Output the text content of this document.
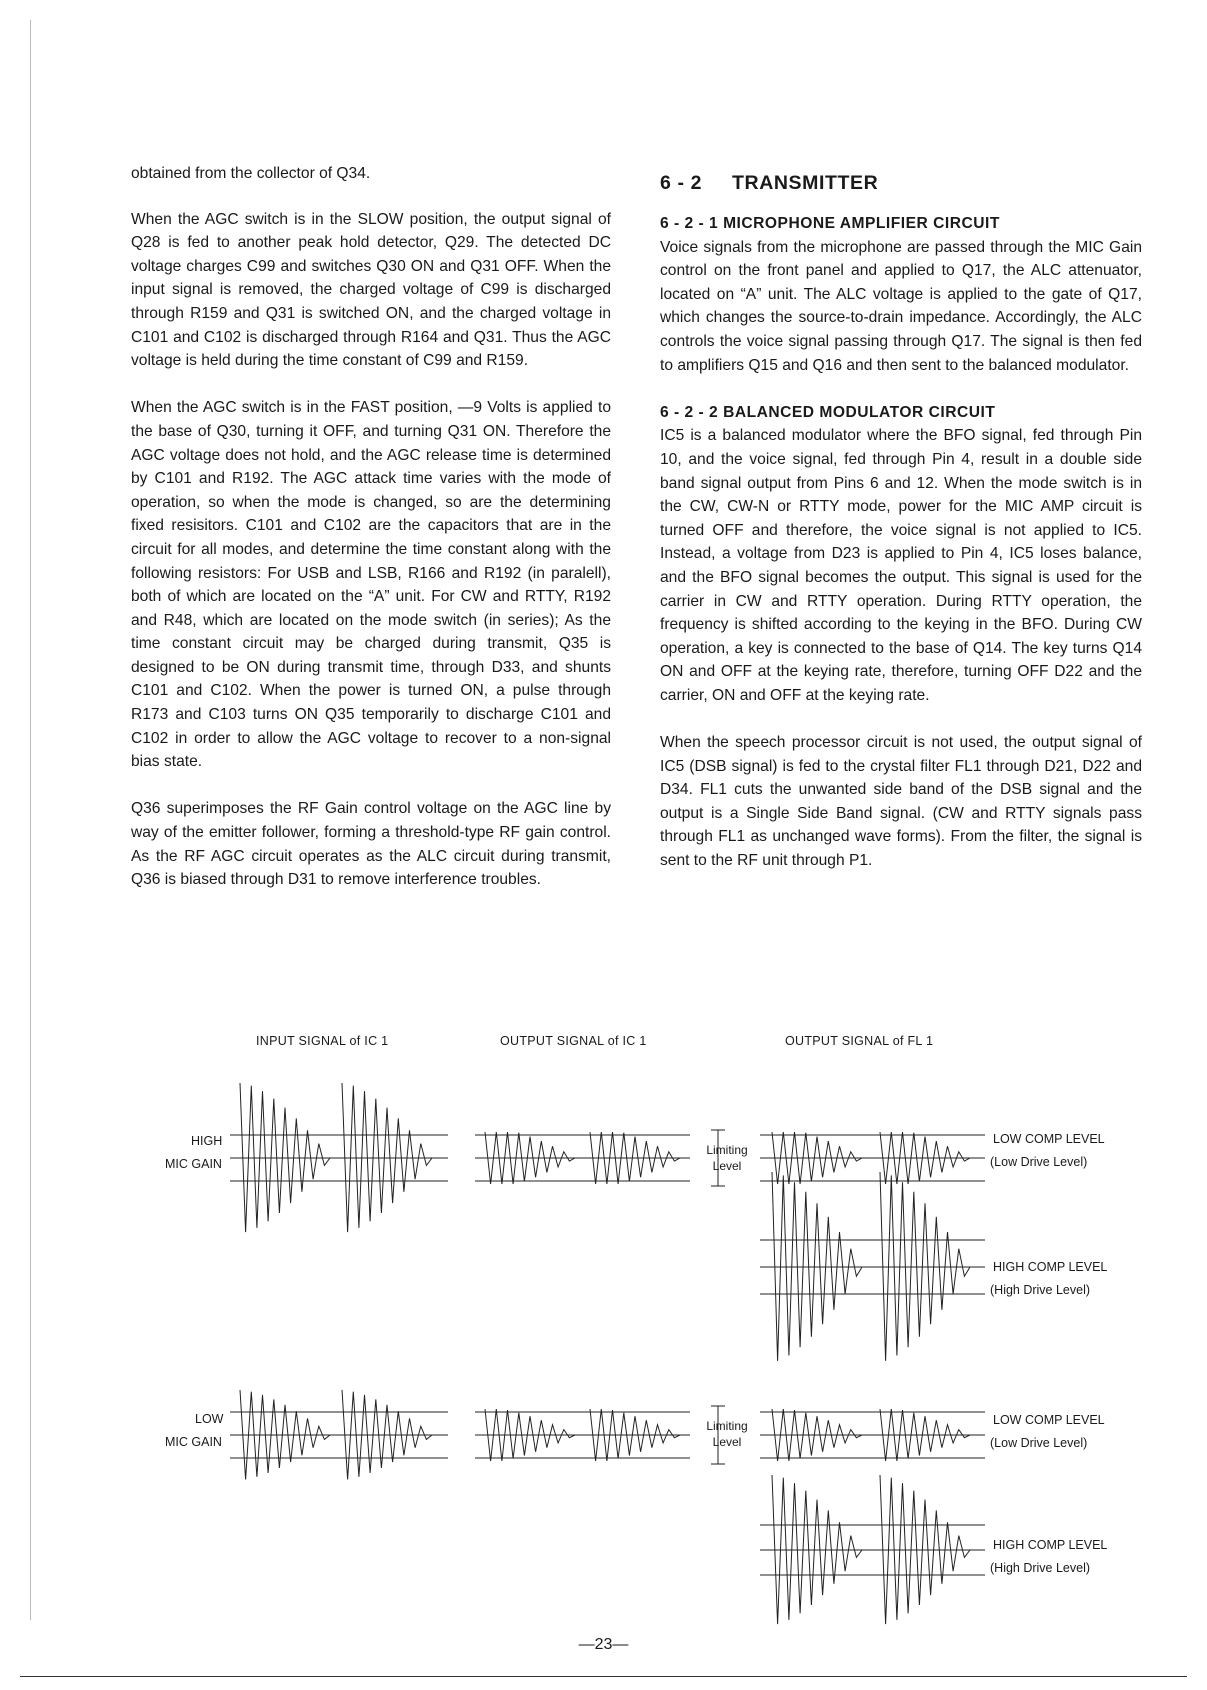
obtained from the collector of Q34.

When the AGC switch is in the SLOW position, the output signal of Q28 is fed to another peak hold detector, Q29. The detected DC voltage charges C99 and switches Q30 ON and Q31 OFF. When the input signal is removed, the charged voltage of C99 is discharged through R159 and Q31 is switched ON, and the charged voltage in C101 and C102 is discharged through R164 and Q31. Thus the AGC voltage is held during the time constant of C99 and R159.

When the AGC switch is in the FAST position, —9 Volts is applied to the base of Q30, turning it OFF, and turning Q31 ON. Therefore the AGC voltage does not hold, and the AGC release time is determined by C101 and R192. The AGC attack time varies with the mode of operation, so when the mode is changed, so are the determining fixed resisitors. C101 and C102 are the capacitors that are in the circuit for all modes, and determine the time constant along with the following resistors: For USB and LSB, R166 and R192 (in paralell), both of which are located on the “A” unit. For CW and RTTY, R192 and R48, which are located on the mode switch (in series); As the time constant circuit may be charged during transmit, Q35 is designed to be ON during transmit time, through D33, and shunts C101 and C102. When the power is turned ON, a pulse through R173 and C103 turns ON Q35 temporarily to discharge C101 and C102 in order to allow the AGC voltage to recover to a non-signal bias state.

Q36 superimposes the RF Gain control voltage on the AGC line by way of the emitter follower, forming a threshold-type RF gain control. As the RF AGC circuit operates as the ALC circuit during transmit, Q36 is biased through D31 to remove interference troubles.

6 - 2 TRANSMITTER
6 - 2 - 1 MICROPHONE AMPLIFIER CIRCUIT

Voice signals from the microphone are passed through the MIC Gain control on the front panel and applied to Q17, the ALC attenuator, located on “A” unit. The ALC voltage is applied to the gate of Q17, which changes the source-to-drain impedance. Accordingly, the ALC controls the voice signal passing through Q17. The signal is then fed to amplifiers Q15 and Q16 and then sent to the balanced modulator.

6 - 2 - 2 BALANCED MODULATOR CIRCUIT

IC5 is a balanced modulator where the BFO signal, fed through Pin 10, and the voice signal, fed through Pin 4, result in a double side band signal output from Pins 6 and 12. When the mode switch is in the CW, CW-N or RTTY mode, power for the MIC AMP circuit is turned OFF and therefore, the voice signal is not applied to IC5. Instead, a voltage from D23 is applied to Pin 4, IC5 loses balance, and the BFO signal becomes the output. This signal is used for the carrier in CW and RTTY operation. During RTTY operation, the frequency is shifted according to the keying in the BFO. During CW operation, a key is connected to the base of Q14. The key turns Q14 ON and OFF at the keying rate, therefore, turning OFF D22 and the carrier, ON and OFF at the keying rate.

When the speech processor circuit is not used, the output signal of IC5 (DSB signal) is fed to the crystal filter FL1 through D21, D22 and D34. FL1 cuts the unwanted side band of the DSB signal and the output is a Single Side Band signal. (CW and RTTY signals pass through FL1 as unchanged wave forms). From the filter, the signal is sent to the RF unit through P1.

INPUT SIGNAL of IC 1	OUTPUT SIGNAL of IC 1	OUTPUT SIGNAL of FL 1
HIGH
MIC GAIN
LOW
MIC GAIN
Limiting
Level
Limiting
Level
LOW COMP LEVEL
(Low Drive Level)
HIGH COMP LEVEL
(High Drive Level)
LOW COMP LEVEL
(Low Drive Level)
HIGH COMP LEVEL
(High Drive Level)
—23—
